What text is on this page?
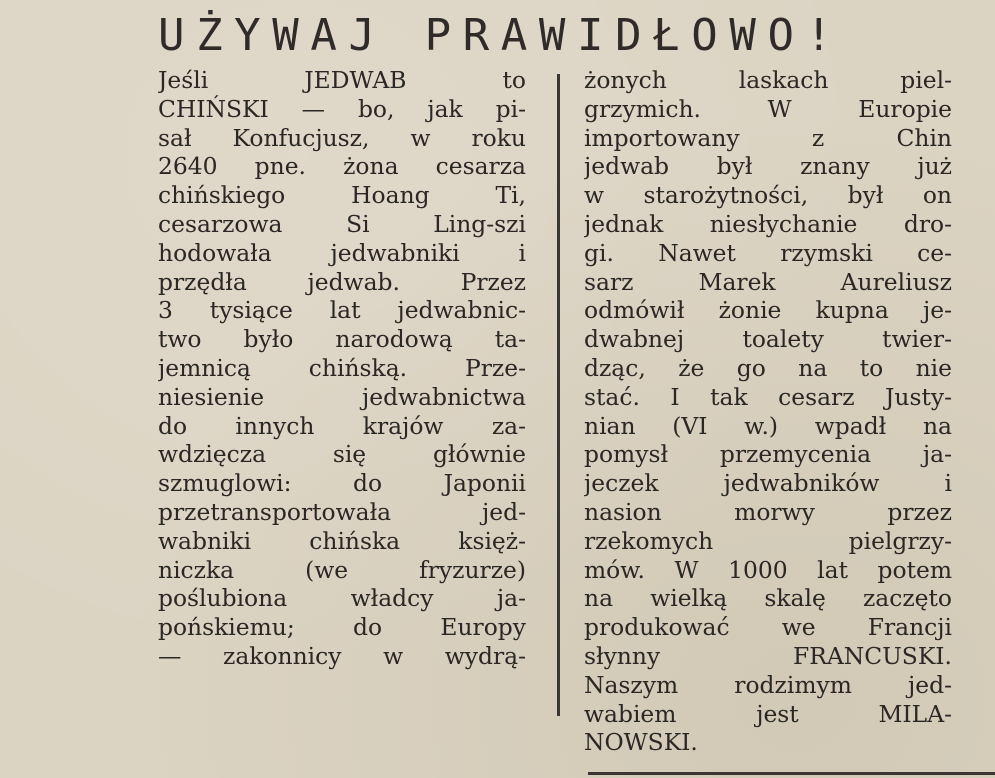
UŻYWAJ PRAWIDŁOWO!
Jeśli JEDWAB to
CHIŃSKI — bo, jak pi-
sał Konfucjusz, w roku
2640 pne. żona cesarza
chińskiego Hoang Ti,
cesarzowa Si Ling-szi
hodowała jedwabniki i
przędła jedwab. Przez
3 tysiące lat jedwabnic-
two było narodową ta-
jemnicą chińską. Prze-
niesienie jedwabnictwa
do innych krajów za-
wdzięcza się głównie
szmuglowi: do Japonii
przetransportowała jed-
wabniki chińska księż-
niczka (we fryzurze)
poślubiona władcy ja-
pońskiemu; do Europy
— zakonnicy w wydrą-
żonych laskach piel-
grzymich. W Europie
importowany z Chin
jedwab był znany już
w starożytności, był on
jednak niesłychanie dro-
gi. Nawet rzymski ce-
sarz Marek Aureliusz
odmówił żonie kupna je-
dwabnej toalety twier-
dząc, że go na to nie
stać. I tak cesarz Justy-
nian (VI w.) wpadł na
pomysł przemycenia ja-
jeczek jedwabników i
nasion morwy przez
rzekomych pielgrzy-
mów. W 1000 lat potem
na wielką skalę zaczęto
produkować we Francji
słynny FRANCUSKI.
Naszym rodzimym jed-
wabiem jest MILA-
NOWSKI.
